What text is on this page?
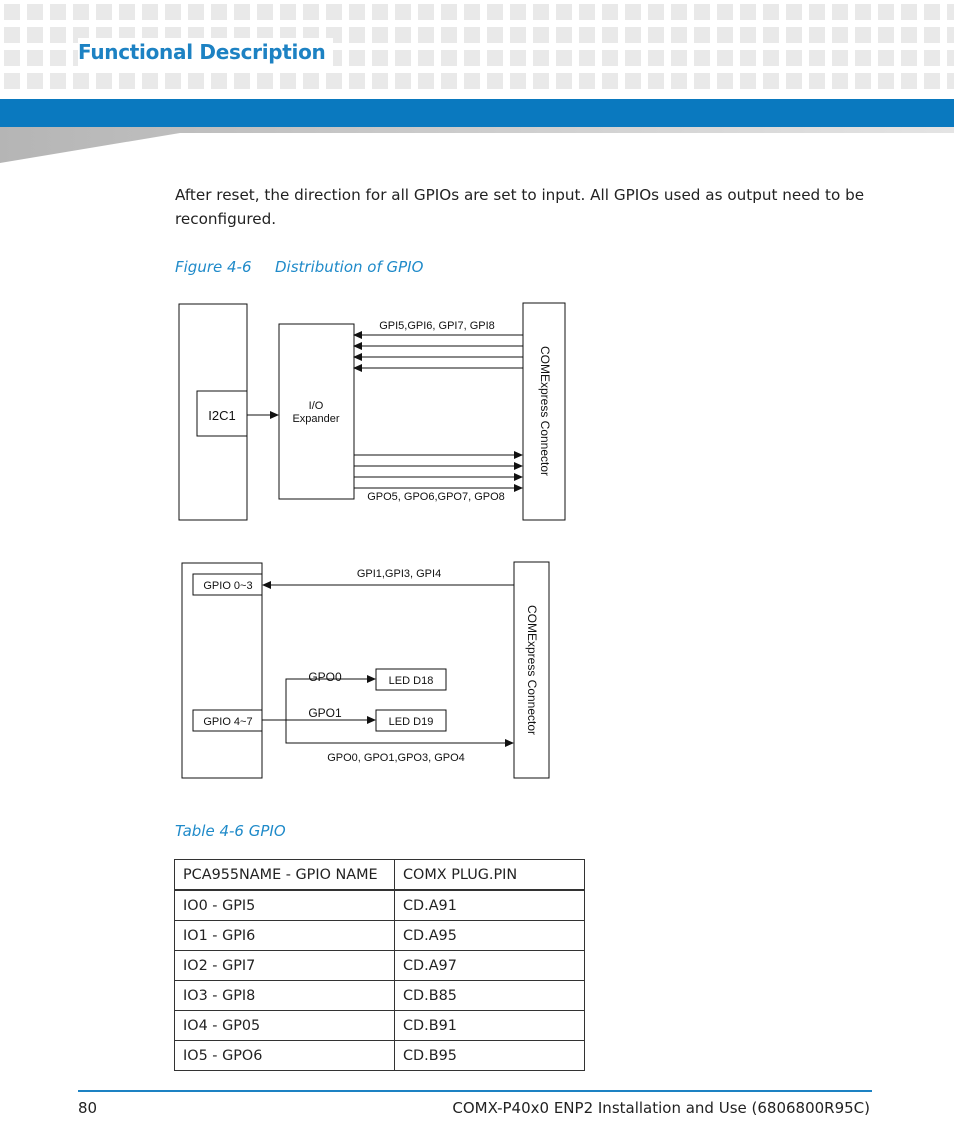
Functional Description

After reset, the direction for all GPIOs are set to input. All GPIOs used as output need to be reconfigured.

Figure 4-6 Distribution of GPIO
I2C1
I/O
Expander
GPI5,GPI6, GPI7, GPI8
GPO5, GPO6,GPO7, GPO8
COMExpress Connector
GPIO 0~3
GPIO 4~7
GPI1,GPI3, GPI4
GPO0
GPO1
LED D18
LED D19
GPO0, GPO1,GPO3, GPO4
COMExpress Connector
Table 4-6 GPIO
PCA955NAME - GPIO NAME	COMX PLUG.PIN
IO0 - GPI5	CD.A91
IO1 - GPI6	CD.A95
IO2 - GPI7	CD.A97
IO3 - GPI8	CD.B85
IO4 - GP05	CD.B91
IO5 - GPO6	CD.B95
80	COMX-P40x0 ENP2 Installation and Use (6806800R95C)
